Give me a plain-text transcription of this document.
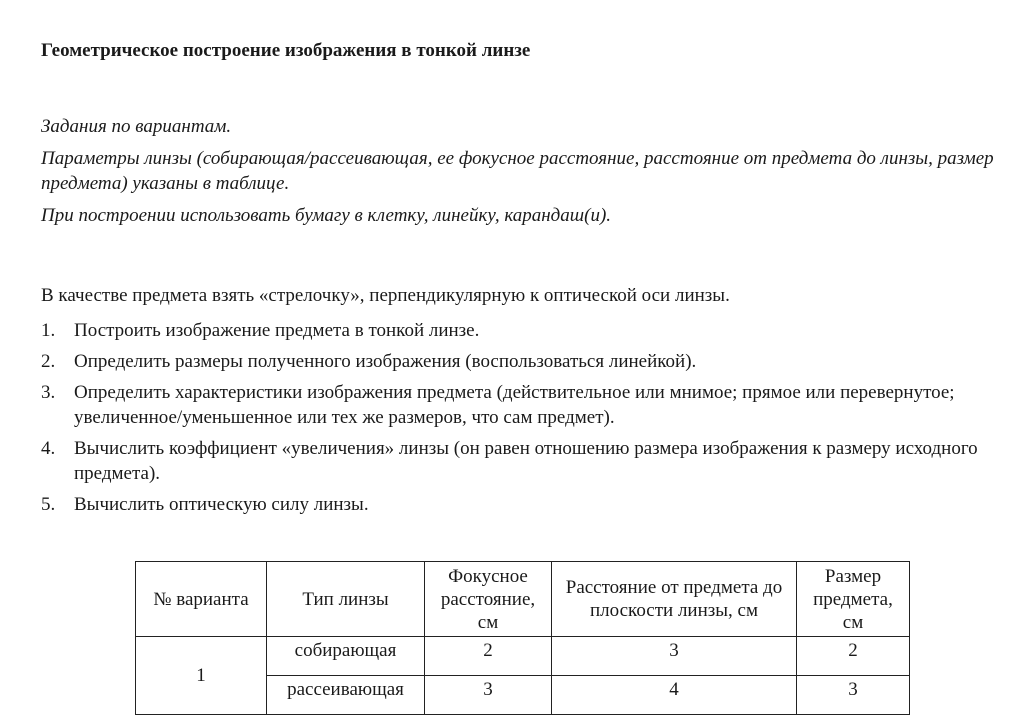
Геометрическое построение изображения в тонкой линзе

Задания по вариантам.

Параметры линзы (собирающая/рассеивающая, ее фокусное расстояние, расстояние от предмета до линзы, размер предмета) указаны в таблице.

При построении использовать бумагу в клетку, линейку, карандаш(и).

В качестве предмета взять «стрелочку», перпендикулярную к оптической оси линзы.
1. Построить изображение предмета в тонкой линзе.
2. Определить размеры полученного изображения (воспользоваться линейкой).
3. Определить характеристики изображения предмета (действительное или мнимое; прямое или перевернутое; увеличенное/уменьшенное или тех же размеров, что сам предмет).
4. Вычислить коэффициент «увеличения» линзы (он равен отношению размера изображения к размеру исходного предмета).
5. Вычислить оптическую силу линзы.
№ варианта	Тип линзы	Фокусное расстояние, см	Расстояние от предмета до плоскости линзы, см	Размер предмета, см
1	собирающая	2	3	2
	рассеивающая	3	4	3
